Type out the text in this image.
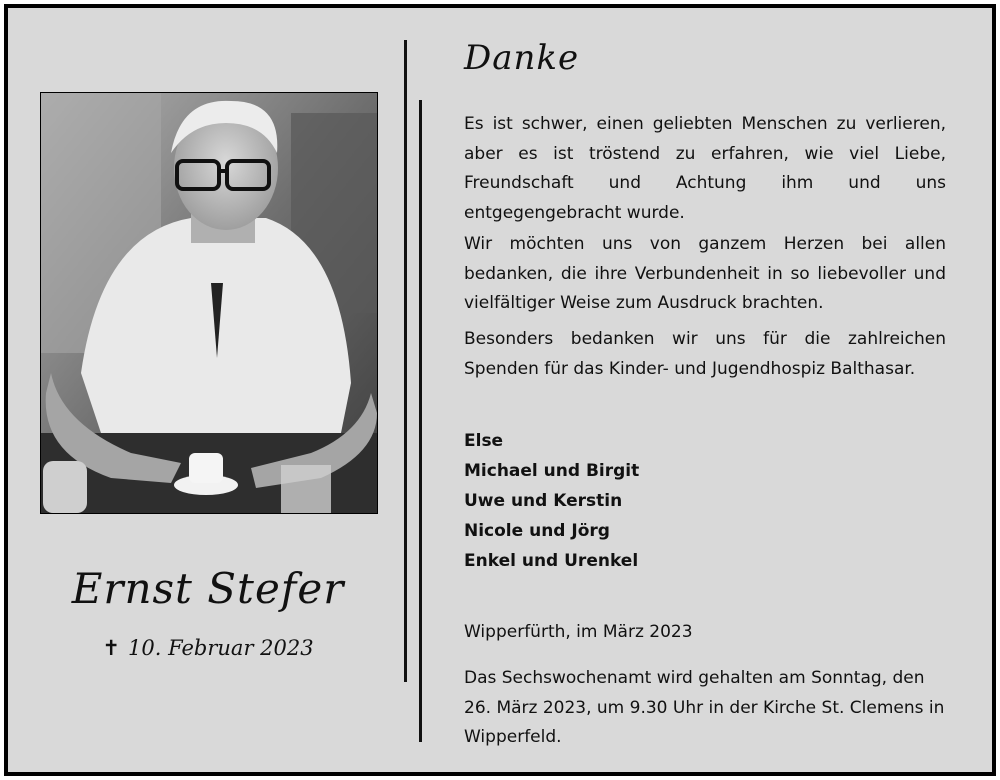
Ernst Stefer
✝ 10. Februar 2023
Danke
Es ist schwer, einen geliebten Menschen zu verlieren, aber es ist tröstend zu erfahren, wie viel Liebe, Freundschaft und Achtung ihm und uns entgegengebracht wurde.
Wir möchten uns von ganzem Herzen bei allen bedanken, die ihre Verbundenheit in so liebevoller und vielfältiger Weise zum Ausdruck brachten.
Besonders bedanken wir uns für die zahlreichen Spenden für das Kinder- und Jugendhospiz Balthasar.
Else
Michael und Birgit
Uwe und Kerstin
Nicole und Jörg
Enkel und Urenkel
Wipperfürth, im März 2023
Das Sechswochenamt wird gehalten am Sonntag, den 26. März 2023, um 9.30 Uhr in der Kirche St. Clemens in Wipperfeld.
